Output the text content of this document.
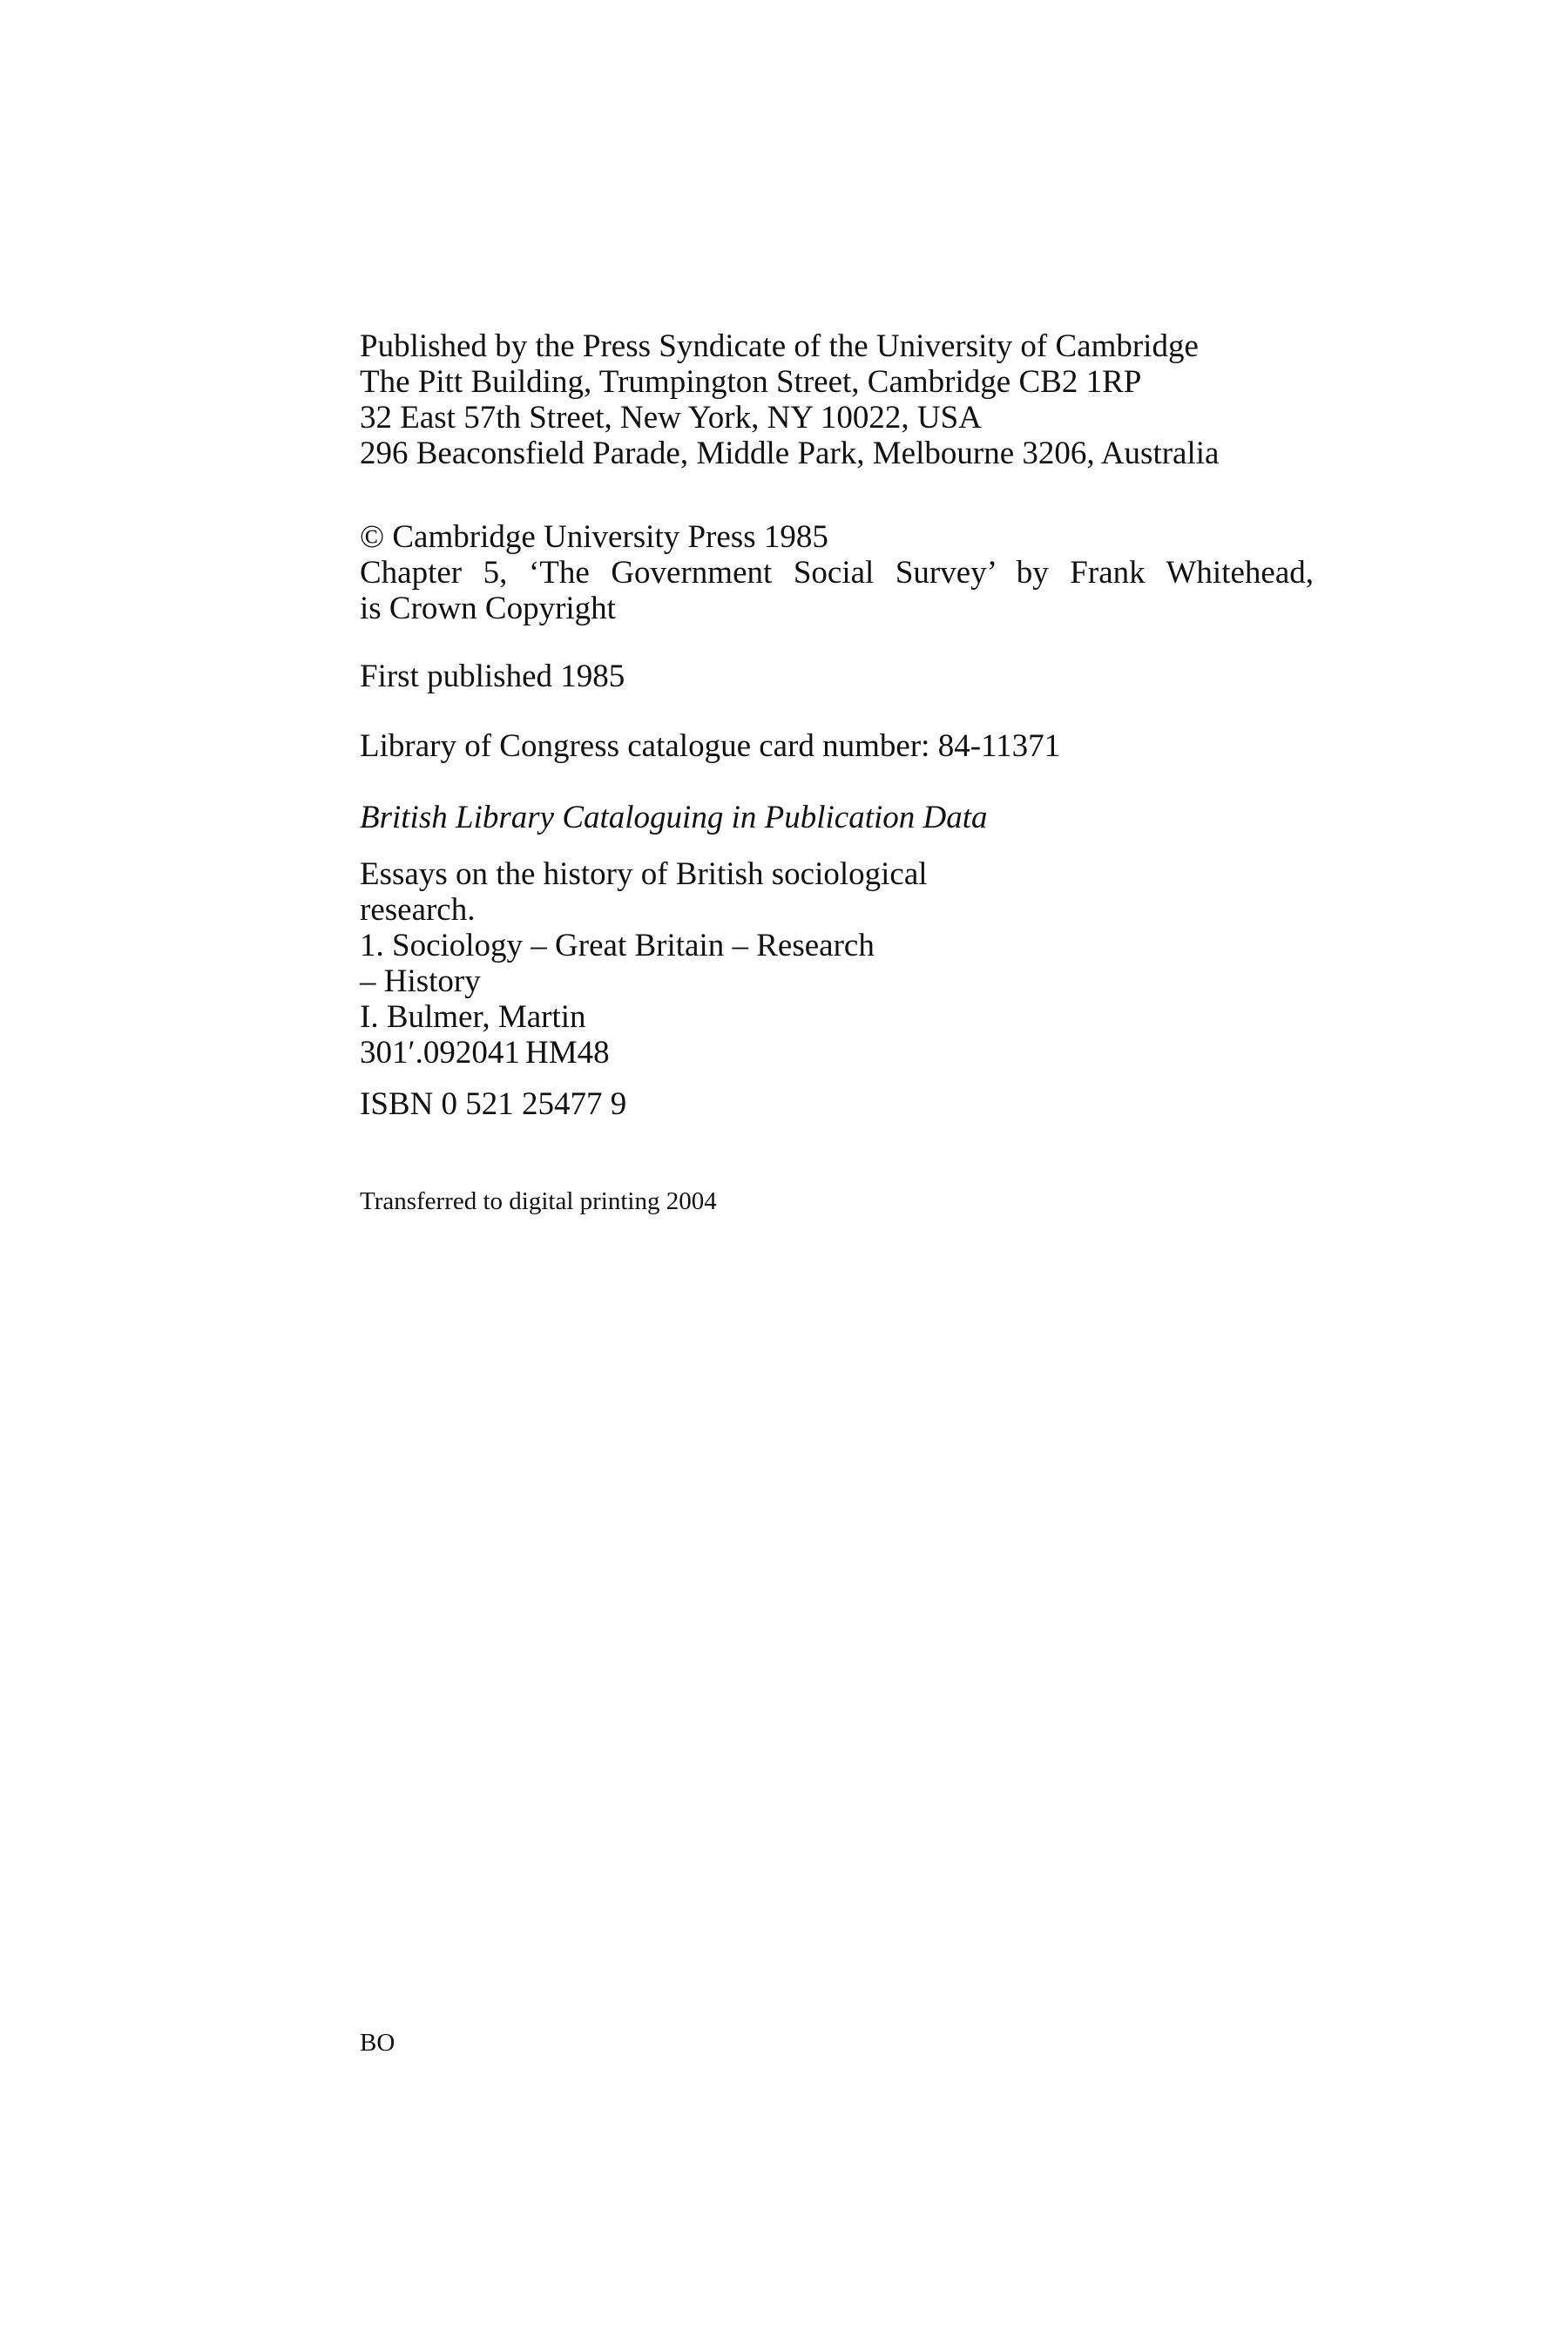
Published by the Press Syndicate of the University of Cambridge
The Pitt Building, Trumpington Street, Cambridge CB2 1RP
32 East 57th Street, New York, NY 10022, USA
296 Beaconsfield Parade, Middle Park, Melbourne 3206, Australia
© Cambridge University Press 1985
Chapter 5, ‘The Government Social Survey’ by Frank Whitehead,
is Crown Copyright
First published 1985
Library of Congress catalogue card number: 84-11371
British Library Cataloguing in Publication Data
Essays on the history of British sociological
research.
1. Sociology – Great Britain – Research
– History
I. Bulmer, Martin
301′.092041 HM48
ISBN 0 521 25477 9
Transferred to digital printing 2004
BO
